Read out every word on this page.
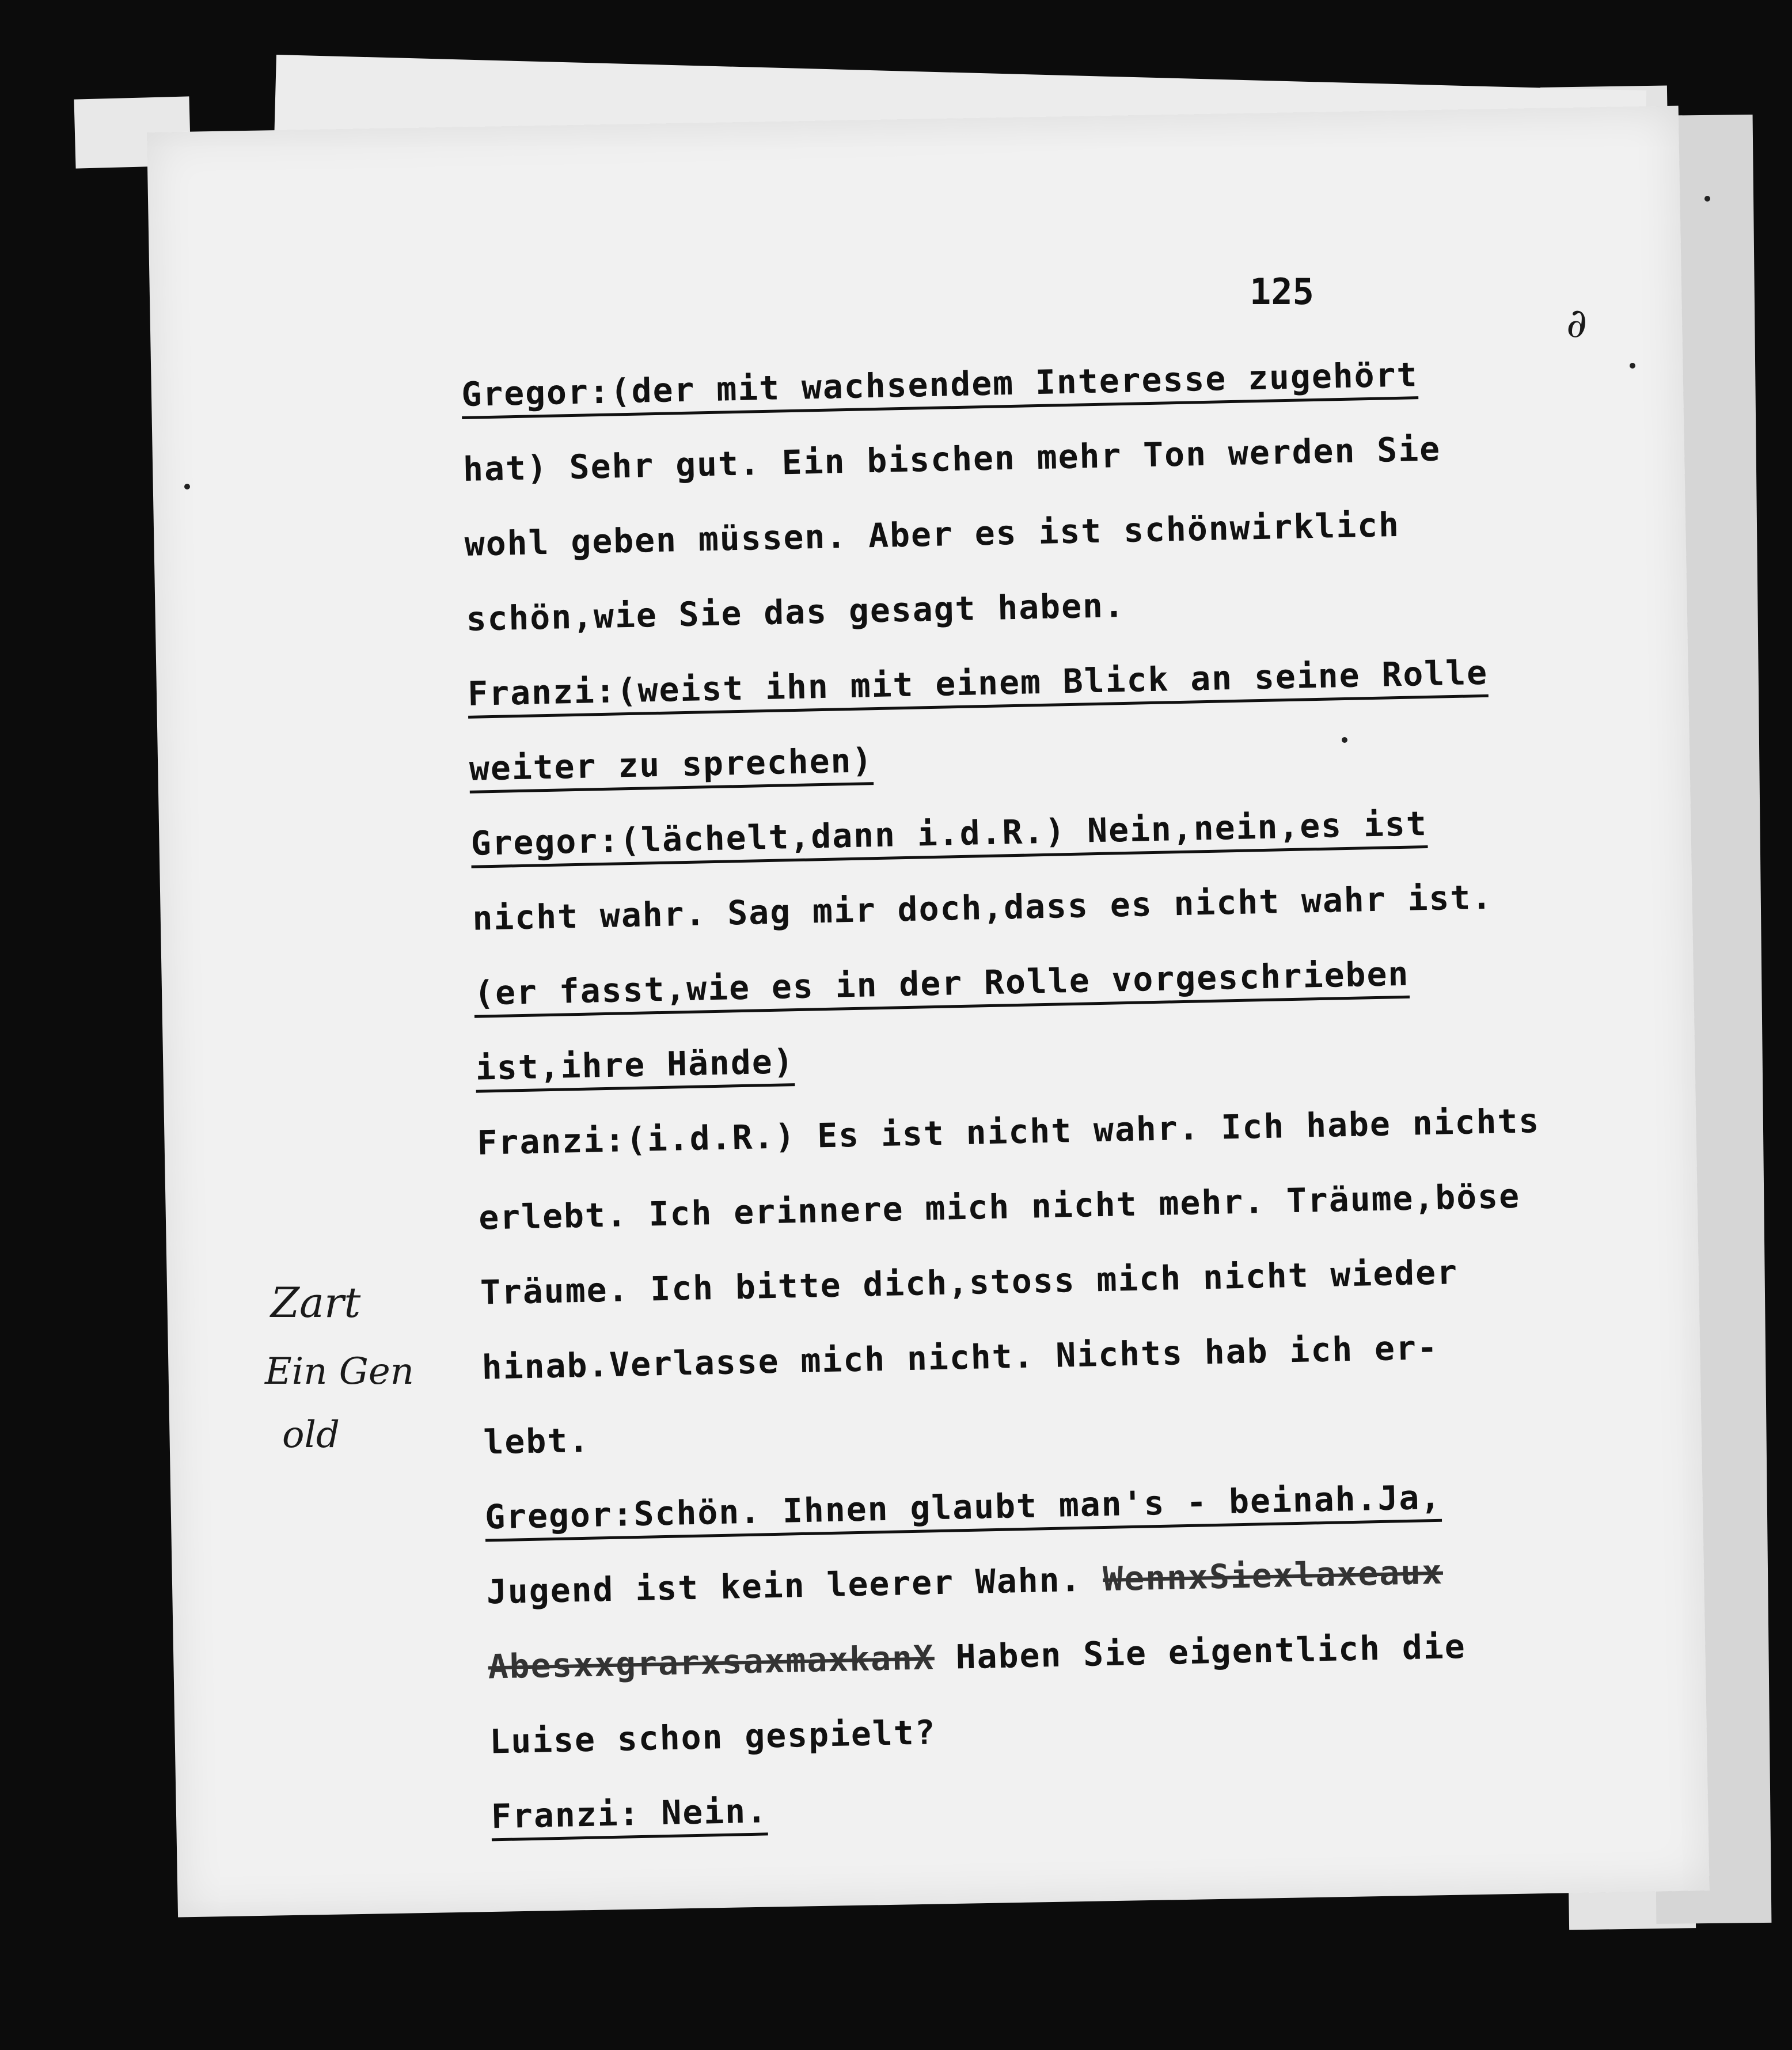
125
Gregor:(der mit wachsendem Interesse zugehört
hat) Sehr gut. Ein bischen mehr Ton werden Sie
wohl geben müssen. Aber es ist schönwirklich
schön,wie Sie das gesagt haben.
Franzi:(weist ihn mit einem Blick an seine Rolle
weiter zu sprechen)
Gregor:(lächelt,dann i.d.R.) Nein,nein,es ist
nicht wahr. Sag mir doch,dass es nicht wahr ist.
(er fasst,wie es in der Rolle vorgeschrieben
ist,ihre Hände)
Franzi:(i.d.R.) Es ist nicht wahr. Ich habe nichts
erlebt. Ich erinnere mich nicht mehr. Träume,böse
Träume. Ich bitte dich,stoss mich nicht wieder
hinab.Verlasse mich nicht. Nichts hab ich er-
lebt.
Gregor:Schön. Ihnen glaubt man's - beinah.Ja,
Jugend ist kein leerer Wahn. WennxSiexlaxeaux
AbesxxgrarxsaxmaxkanX Haben Sie eigentlich die
Luise schon gespielt?
Franzi: Nein.
Zart
Ein Gen
old
∂
